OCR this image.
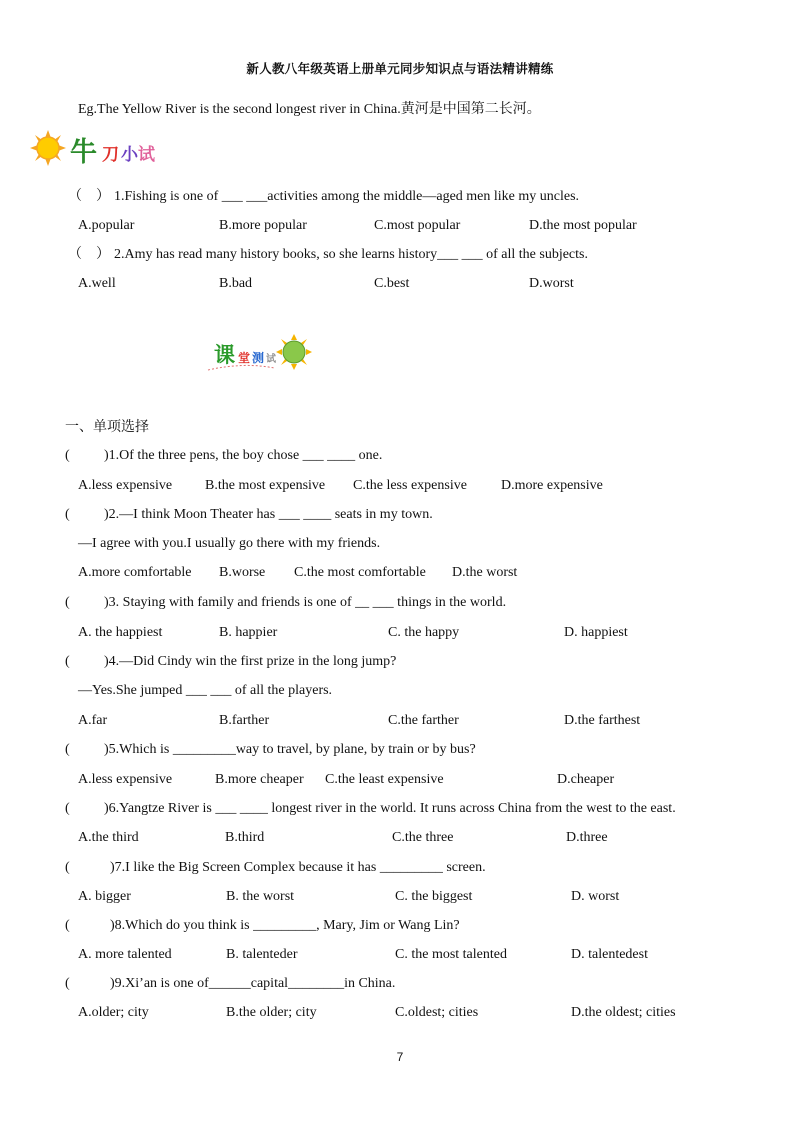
新人教八年级英语上册单元同步知识点与语法精讲精练
Eg.The Yellow River is the second longest river in China.黄河是中国第二长河。
牛 刀 小 试
（　） 1.Fishing is one of ___ ___activities among the middle—aged men like my uncles.
A.popular	B.more popular	C.most popular	D.the most popular
（　） 2.Amy has read many history books, so she learns history___ ___ of all the subjects.
A.well	B.bad	C.best	D.worst
课 堂 测 试
一、单项选择
( )1.Of the three pens, the boy chose ___ ____ one.
A.less expensive B.the most expensive C.the less expensive D.more expensive
( )2.—I think Moon Theater has ___ ____ seats in my town.
—I agree with you.I usually go there with my friends.
A.more comfortable B.worse C.the most comfortable D.the worst
( )3. Staying with family and friends is one of __ ___ things in the world.
A. the happiest	B. happier	C. the happy	D. happiest
( )4.—Did Cindy win the first prize in the long jump?
—Yes.She jumped ___ ___ of all the players.
A.far	B.farther	C.the farther	D.the farthest
( )5.Which is _________way to travel, by plane, by train or by bus?
A.less expensive	B.more cheaper C.the least expensive	D.cheaper
( )6.Yangtze River is ___ ____ longest river in the world. It runs across China from the west to the east.
A.the third	B.third	C.the three	D.three
(	)7.I like the Big Screen Complex because it has _________ screen.
A. bigger	B. the worst	C. the biggest	D. worst
(	)8.Which do you think is _________, Mary, Jim or Wang Lin?
A. more talented	B. talenteder	C. the most talented	D. talentedest
(	)9.Xi’an is one of______capital________in China.
A.older; city	B.the older; city	C.oldest; cities	D.the oldest; cities
7
